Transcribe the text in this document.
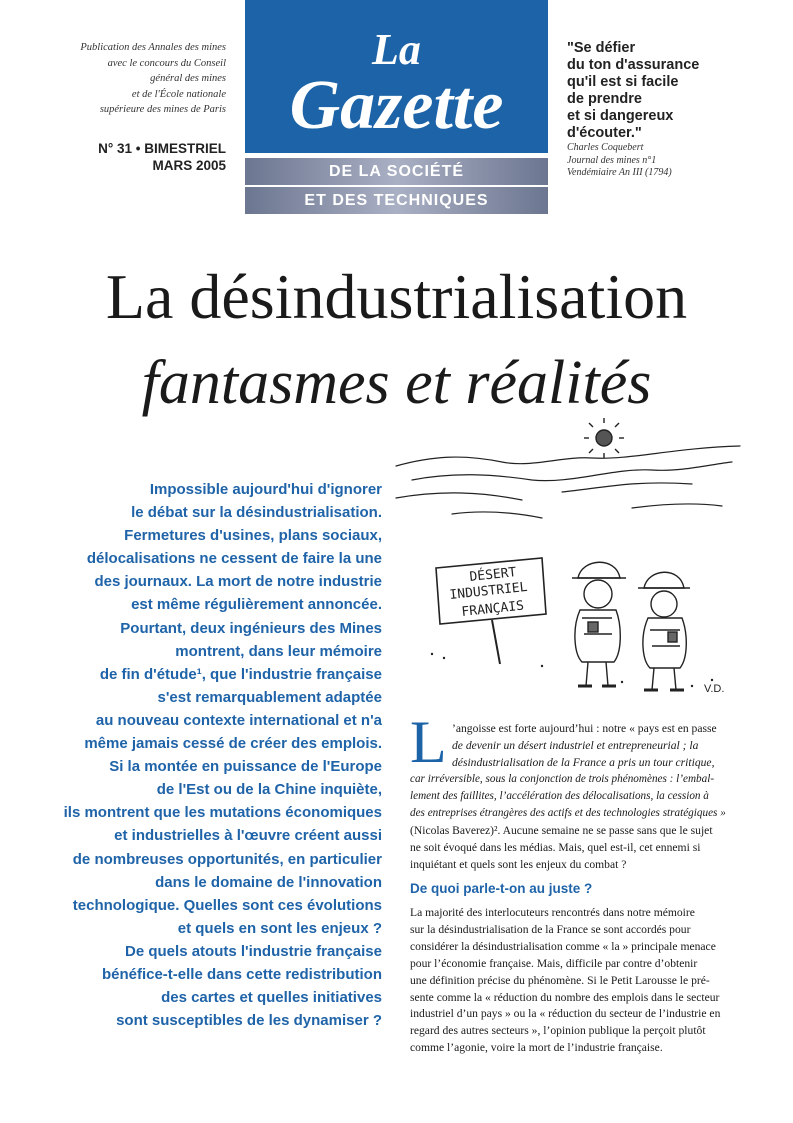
Publication des Annales des mines
avec le concours du Conseil
général des mines
et de l'École nationale
supérieure des mines de Paris
N° 31 • BIMESTRIEL
MARS 2005
La
Gazette
DE LA SOCIÉTÉ
ET DES TECHNIQUES
"Se défier
du ton d'assurance
qu'il est si facile
de prendre
et si dangereux
d'écouter."
Charles Coquebert
Journal des mines n°1
Vendémiaire An III (1794)
La désindustrialisation
fantasmes et réalités
Impossible aujourd'hui d'ignorer
le débat sur la désindustrialisation.
Fermetures d'usines, plans sociaux,
délocalisations ne cessent de faire la une
des journaux. La mort de notre industrie
est même régulièrement annoncée.
Pourtant, deux ingénieurs des Mines
montrent, dans leur mémoire
de fin d'étude¹, que l'industrie française
s'est remarquablement adaptée
au nouveau contexte international et n'a
même jamais cessé de créer des emplois.
Si la montée en puissance de l'Europe
de l'Est ou de la Chine inquiète,
ils montrent que les mutations économiques
et industrielles à l'œuvre créent aussi
de nombreuses opportunités, en particulier
dans le domaine de l'innovation
technologique. Quelles sont ces évolutions
et quels en sont les enjeux ?
De quels atouts l'industrie française
bénéfice-t-elle dans cette redistribution
des cartes et quelles initiatives
sont susceptibles de les dynamiser ?
DÉSERT
INDUSTRIEL
FRANÇAIS
V.D.
L ’angoisse est forte aujourd’hui : notre « pays est en passe
de devenir un désert industriel et entrepreneurial ; la
désindustrialisation de la France a pris un tour critique,
car irréversible, sous la conjonction de trois phénomènes : l’embal-
lement des faillites, l’accélération des délocalisations, la cession à
des entreprises étrangères des actifs et des technologies stratégiques »
(Nicolas Baverez)². Aucune semaine ne se passe sans que le sujet
ne soit évoqué dans les médias. Mais, quel est-il, cet ennemi si
inquiétant et quels sont les enjeux du combat ?
De quoi parle-t-on au juste ?
La majorité des interlocuteurs rencontrés dans notre mémoire
sur la désindustrialisation de la France se sont accordés pour
considérer la désindustrialisation comme « la » principale menace
pour l’économie française. Mais, difficile par contre d’obtenir
une définition précise du phénomène. Si le Petit Larousse le pré-
sente comme la « réduction du nombre des emplois dans le secteur
industriel d’un pays » ou la « réduction du secteur de l’industrie en
regard des autres secteurs », l’opinion publique la perçoit plutôt
comme l’agonie, voire la mort de l’industrie française.
